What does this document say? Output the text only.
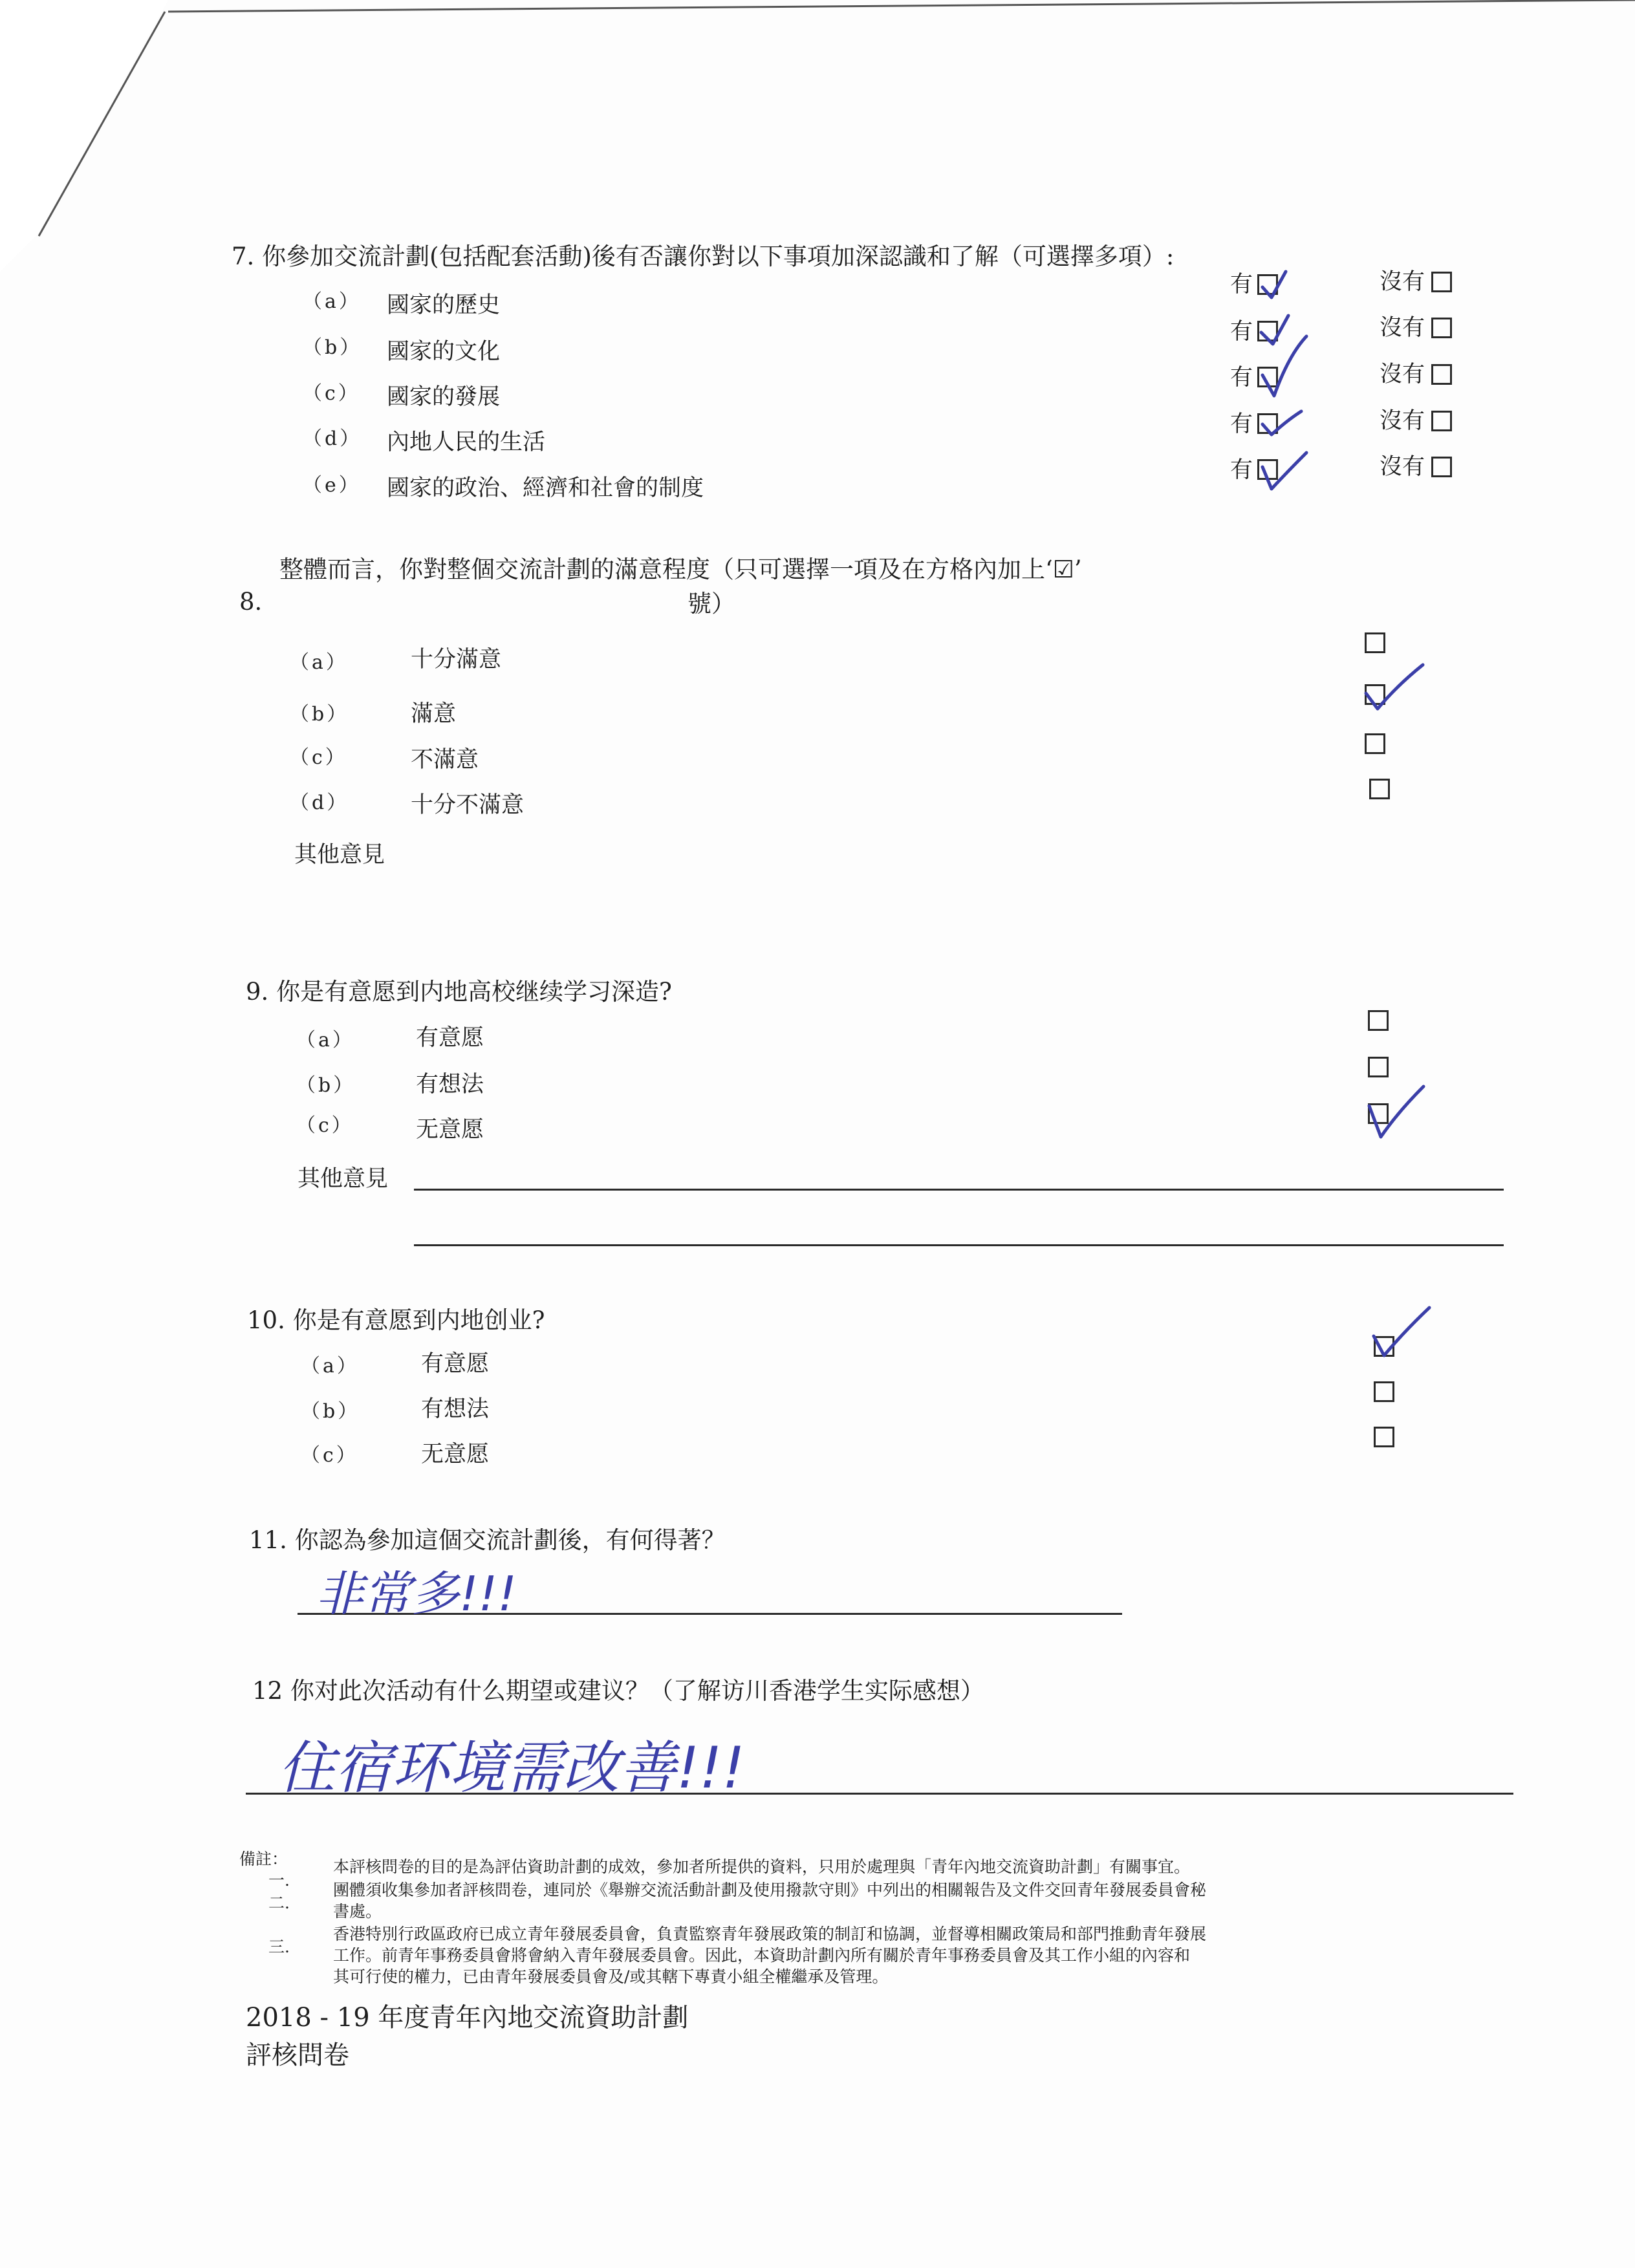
7. 你參加交流計劃(包括配套活動)後有否讓你對以下事項加深認識和了解（可選擇多項）:
（a） 國家的歷史
有	沒有
（b） 國家的文化
有	沒有
（c） 國家的發展
有	沒有
（d） 內地人民的生活
有	沒有
（e） 國家的政治、經濟和社會的制度
有	沒有
8.
整體而言，你對整個交流計劃的滿意程度（只可選擇一項及在方格內加上‘☑’
號）
（a）	十分滿意
（b）	滿意
（c）	不滿意
（d）	十分不滿意
其他意見
9. 你是有意愿到内地高校继续学习深造?
（a）	有意愿
（b）	有想法
（c）	无意愿
其他意見
10. 你是有意愿到内地创业?
（a）	有意愿
（b）	有想法
（c）	无意愿
11. 你認為參加這個交流計劃後，有何得著？
非常多!!!
12 你对此次活动有什么期望或建议？（了解访川香港学生实际感想）
住宿环境需改善!!!
備註：
一.
本評核問卷的目的是為評估資助計劃的成效，參加者所提供的資料，只用於處理與「青年內地交流資助計劃」有關事宜。
二.
團體須收集參加者評核問卷，連同於《舉辦交流活動計劃及使用撥款守則》中列出的相關報告及文件交回青年發展委員會秘
書處。
三.
香港特別行政區政府已成立青年發展委員會，負責監察青年發展政策的制訂和協調，並督導相關政策局和部門推動青年發展
工作。前青年事務委員會將會納入青年發展委員會。因此，本資助計劃內所有關於青年事務委員會及其工作小組的內容和
其可行使的權力，已由青年發展委員會及/或其轄下專責小組全權繼承及管理。
2018 - 19 年度青年內地交流資助計劃
評核問卷
